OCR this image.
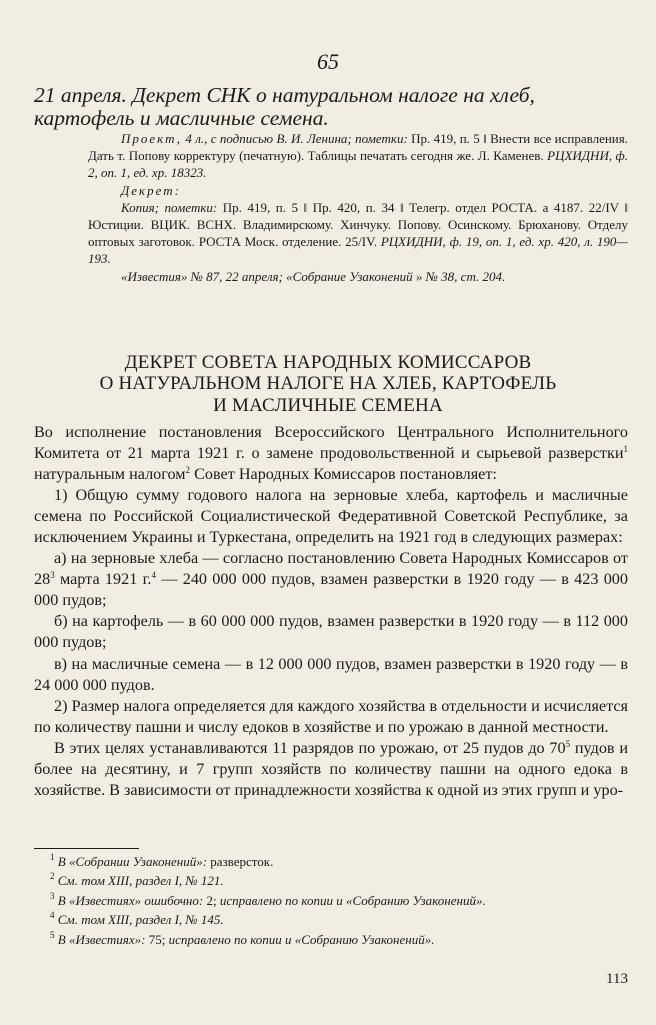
65
21 апреля. Декрет СНК о натуральном налоге на хлеб, картофель и масличные семена.

Проект, 4 л., с подписью В. И. Ленина; пометки: Пр. 419, п. 5 ‖ Внести все исправления. Дать т. Попову корректуру (печатную). Таблицы печатать сегодня же. Л. Каменев. РЦХИДНИ, ф. 2, оп. 1, ед. хр. 18323.

Декрет:

Копия; пометки: Пр. 419, п. 5 ‖ Пр. 420, п. 34 ‖ Телегр. отдел РОСТА. а 4187. 22/IV ‖ Юстиции. ВЦИК. ВСНХ. Владимирскому. Хинчуку. Попову. Осинскому. Брюханову. Отделу оптовых заготовок. РОСТА Моск. отделение. 25/IV. РЦХИДНИ, ф. 19, оп. 1, ед. хр. 420, л. 190—193.

«Известия» № 87, 22 апреля; «Собрание Узаконений » № 38, ст. 204.

ДЕКРЕТ СОВЕТА НАРОДНЫХ КОМИССАРОВ
О НАТУРАЛЬНОМ НАЛОГЕ НА ХЛЕБ, КАРТОФЕЛЬ
И МАСЛИЧНЫЕ СЕМЕНА

Во исполнение постановления Всероссийского Центрального Исполнительного Комитета от 21 марта 1921 г. о замене продовольственной и сырьевой разверстки$^1$ натуральным налогом$^2$ Совет Народных Комиссаров постановляет:

1) Общую сумму годового налога на зерновые хлеба, картофель и масличные семена по Российской Социалистической Федеративной Советской Республике, за исключением Украины и Туркестана, определить на 1921 год в следующих размерах:

а) на зерновые хлеба — согласно постановлению Совета Народных Комиссаров от $28^3$ марта 1921 г.$^4$ — 240 000 000 пудов, взамен разверстки в 1920 году — в 423 000 000 пудов;

б) на картофель — в 60 000 000 пудов, взамен разверстки в 1920 году — в 112 000 000 пудов;

в) на масличные семена — в 12 000 000 пудов, взамен разверстки в 1920 году — в 24 000 000 пудов.

2) Размер налога определяется для каждого хозяйства в отдельности и исчисляется по количеству пашни и числу едоков в хозяйстве и по урожаю в данной местности.

В этих целях устанавливаются 11 разрядов по урожаю, от 25 пудов до $70^5$ пудов и более на десятину, и 7 групп хозяйств по количеству пашни на одного едока в хозяйстве. В зависимости от принадлежности хозяйства к одной из этих групп и уро-

$^1$ В «Собрании Узаконений»: разверсток.

$^2$ См. том XIII, раздел I, № 121.

$^3$ В «Известиях» ошибочно: 2; исправлено по копии и «Собранию Узаконений».

$^4$ См. том XIII, раздел I, № 145.

$^5$ В «Известиях»: 75; исправлено по копии и «Собранию Узаконений».

113
